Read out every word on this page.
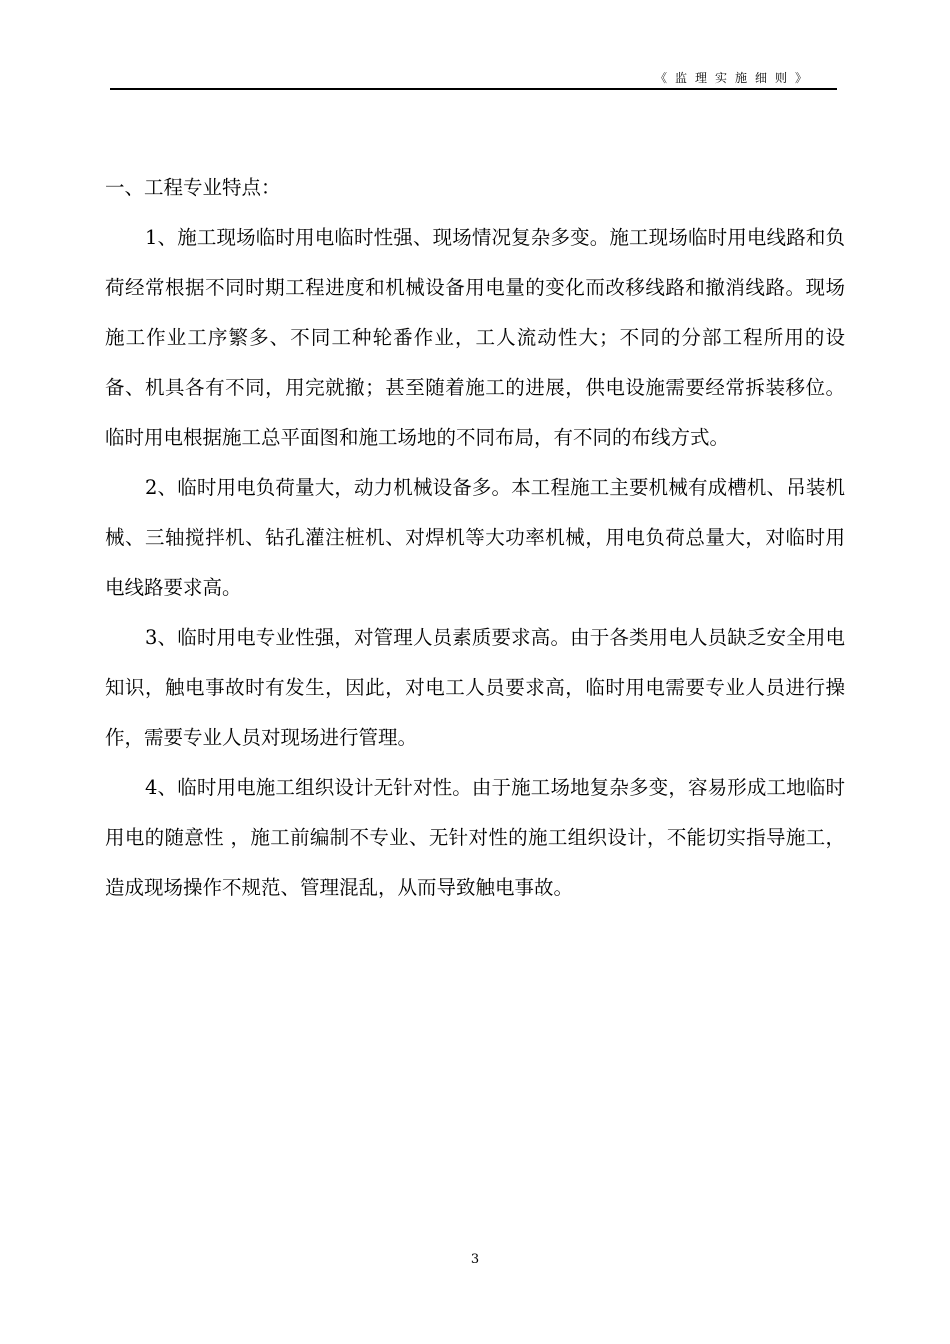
《监理实施细则》

一、工程专业特点：

1、施工现场临时用电临时性强、现场情况复杂多变。施工现场临时用电线路和负荷经常根据不同时期工程进度和机械设备用电量的变化而改移线路和撤消线路。现场施工作业工序繁多、不同工种轮番作业，工人流动性大；不同的分部工程所用的设备、机具各有不同，用完就撤；甚至随着施工的进展，供电设施需要经常拆装移位。临时用电根据施工总平面图和施工场地的不同布局，有不同的布线方式。

2、临时用电负荷量大，动力机械设备多。本工程施工主要机械有成槽机、吊装机械、三轴搅拌机、钻孔灌注桩机、对焊机等大功率机械，用电负荷总量大，对临时用电线路要求高。

3、临时用电专业性强，对管理人员素质要求高。由于各类用电人员缺乏安全用电知识，触电事故时有发生，因此，对电工人员要求高，临时用电需要专业人员进行操作，需要专业人员对现场进行管理。

4、临时用电施工组织设计无针对性。由于施工场地复杂多变，容易形成工地临时用电的随意性 ，施工前编制不专业、无针对性的施工组织设计，不能切实指导施工，造成现场操作不规范、管理混乱，从而导致触电事故。

3
